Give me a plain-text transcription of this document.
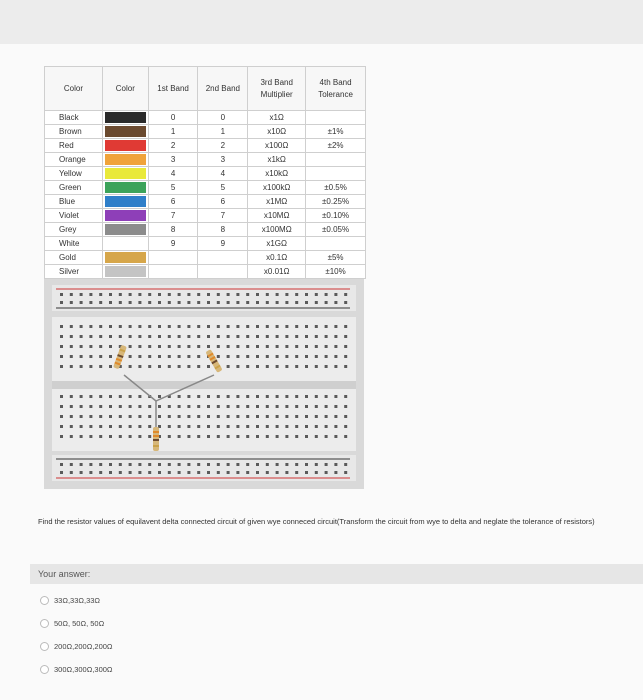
Color	Color	1st Band	2nd Band	3rd Band Multiplier	4th Band Tolerance
Black		0	0	x1Ω	
Brown		1	1	x10Ω	±1%
Red		2	2	x100Ω	±2%
Orange		3	3	x1kΩ	
Yellow		4	4	x10kΩ	
Green		5	5	x100kΩ	±0.5%
Blue		6	6	x1MΩ	±0.25%
Violet		7	7	x10MΩ	±0.10%
Grey		8	8	x100MΩ	±0.05%
White		9	9	x1GΩ	
Gold				x0.1Ω	±5%
Silver				x0.01Ω	±10%
Find the resistor values of equilavent delta connected circuit of given wye conneced circuit(Transform the circuit from wye to delta and neglate the tolerance of resistors)
Your answer:
33Ω,33Ω,33Ω
50Ω, 50Ω, 50Ω
200Ω,200Ω,200Ω
300Ω,300Ω,300Ω
